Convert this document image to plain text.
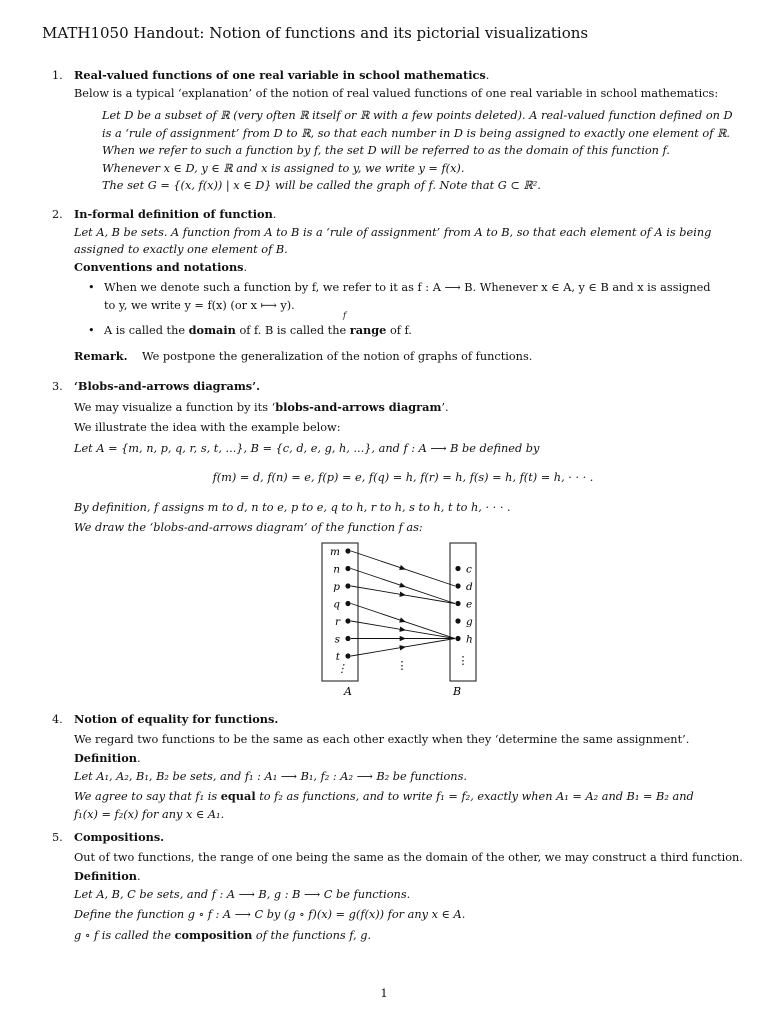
MATH1050 Handout: Notion of functions and its pictorial visualizations
1. Real-valued functions of one real variable in school mathematics.
Below is a typical ‘explanation’ of the notion of real valued functions of one real variable in school mathematics:
Let D be a subset of ℝ (very often ℝ itself or ℝ with a few points deleted). A real-valued function defined on D
is a ‘rule of assignment’ from D to ℝ, so that each number in D is being assigned to exactly one element of ℝ.
When we refer to such a function by f, the set D will be referred to as the domain of this function f.
Whenever x ∈ D, y ∈ ℝ and x is assigned to y, we write y = f(x).
The set G = {(x, f(x)) | x ∈ D} will be called the graph of f. Note that G ⊂ ℝ².
2. In-formal definition of function.
Let A, B be sets. A function from A to B is a ‘rule of assignment’ from A to B, so that each element of A is being
assigned to exactly one element of B.
Conventions and notations.
• When we denote such a function by f, we refer to it as f : A ⟶ B. Whenever x ∈ A, y ∈ B and x is assigned
to y, we write y = f(x) (or x ⟼ y).
f
• A is called the domain of f. B is called the range of f.
Remark. We postpone the generalization of the notion of graphs of functions.
3. ‘Blobs-and-arrows diagrams’.
We may visualize a function by its ‘blobs-and-arrows diagram’.
We illustrate the idea with the example below:
Let A = {m, n, p, q, r, s, t, ...}, B = {c, d, e, g, h, ...}, and f : A ⟶ B be defined by
f(m) = d, f(n) = e, f(p) = e, f(q) = h, f(r) = h, f(s) = h, f(t) = h, · · · .
By definition, f assigns m to d, n to e, p to e, q to h, r to h, s to h, t to h, · · · .
We draw the ‘blobs-and-arrows diagram’ of the function f as:
m
n
p
q
r
s
t
c
d
e
g
h
⋮	⋮	⋮
A	B
4. Notion of equality for functions.
We regard two functions to be the same as each other exactly when they ‘determine the same assignment’.
Definition.
Let A₁, A₂, B₁, B₂ be sets, and f₁ : A₁ ⟶ B₁, f₂ : A₂ ⟶ B₂ be functions.
We agree to say that f₁ is equal to f₂ as functions, and to write f₁ = f₂, exactly when A₁ = A₂ and B₁ = B₂ and
f₁(x) = f₂(x) for any x ∈ A₁.
5. Compositions.
Out of two functions, the range of one being the same as the domain of the other, we may construct a third function.
Definition.
Let A, B, C be sets, and f : A ⟶ B, g : B ⟶ C be functions.
Define the function g ∘ f : A ⟶ C by (g ∘ f)(x) = g(f(x)) for any x ∈ A.
g ∘ f is called the composition of the functions f, g.
1
